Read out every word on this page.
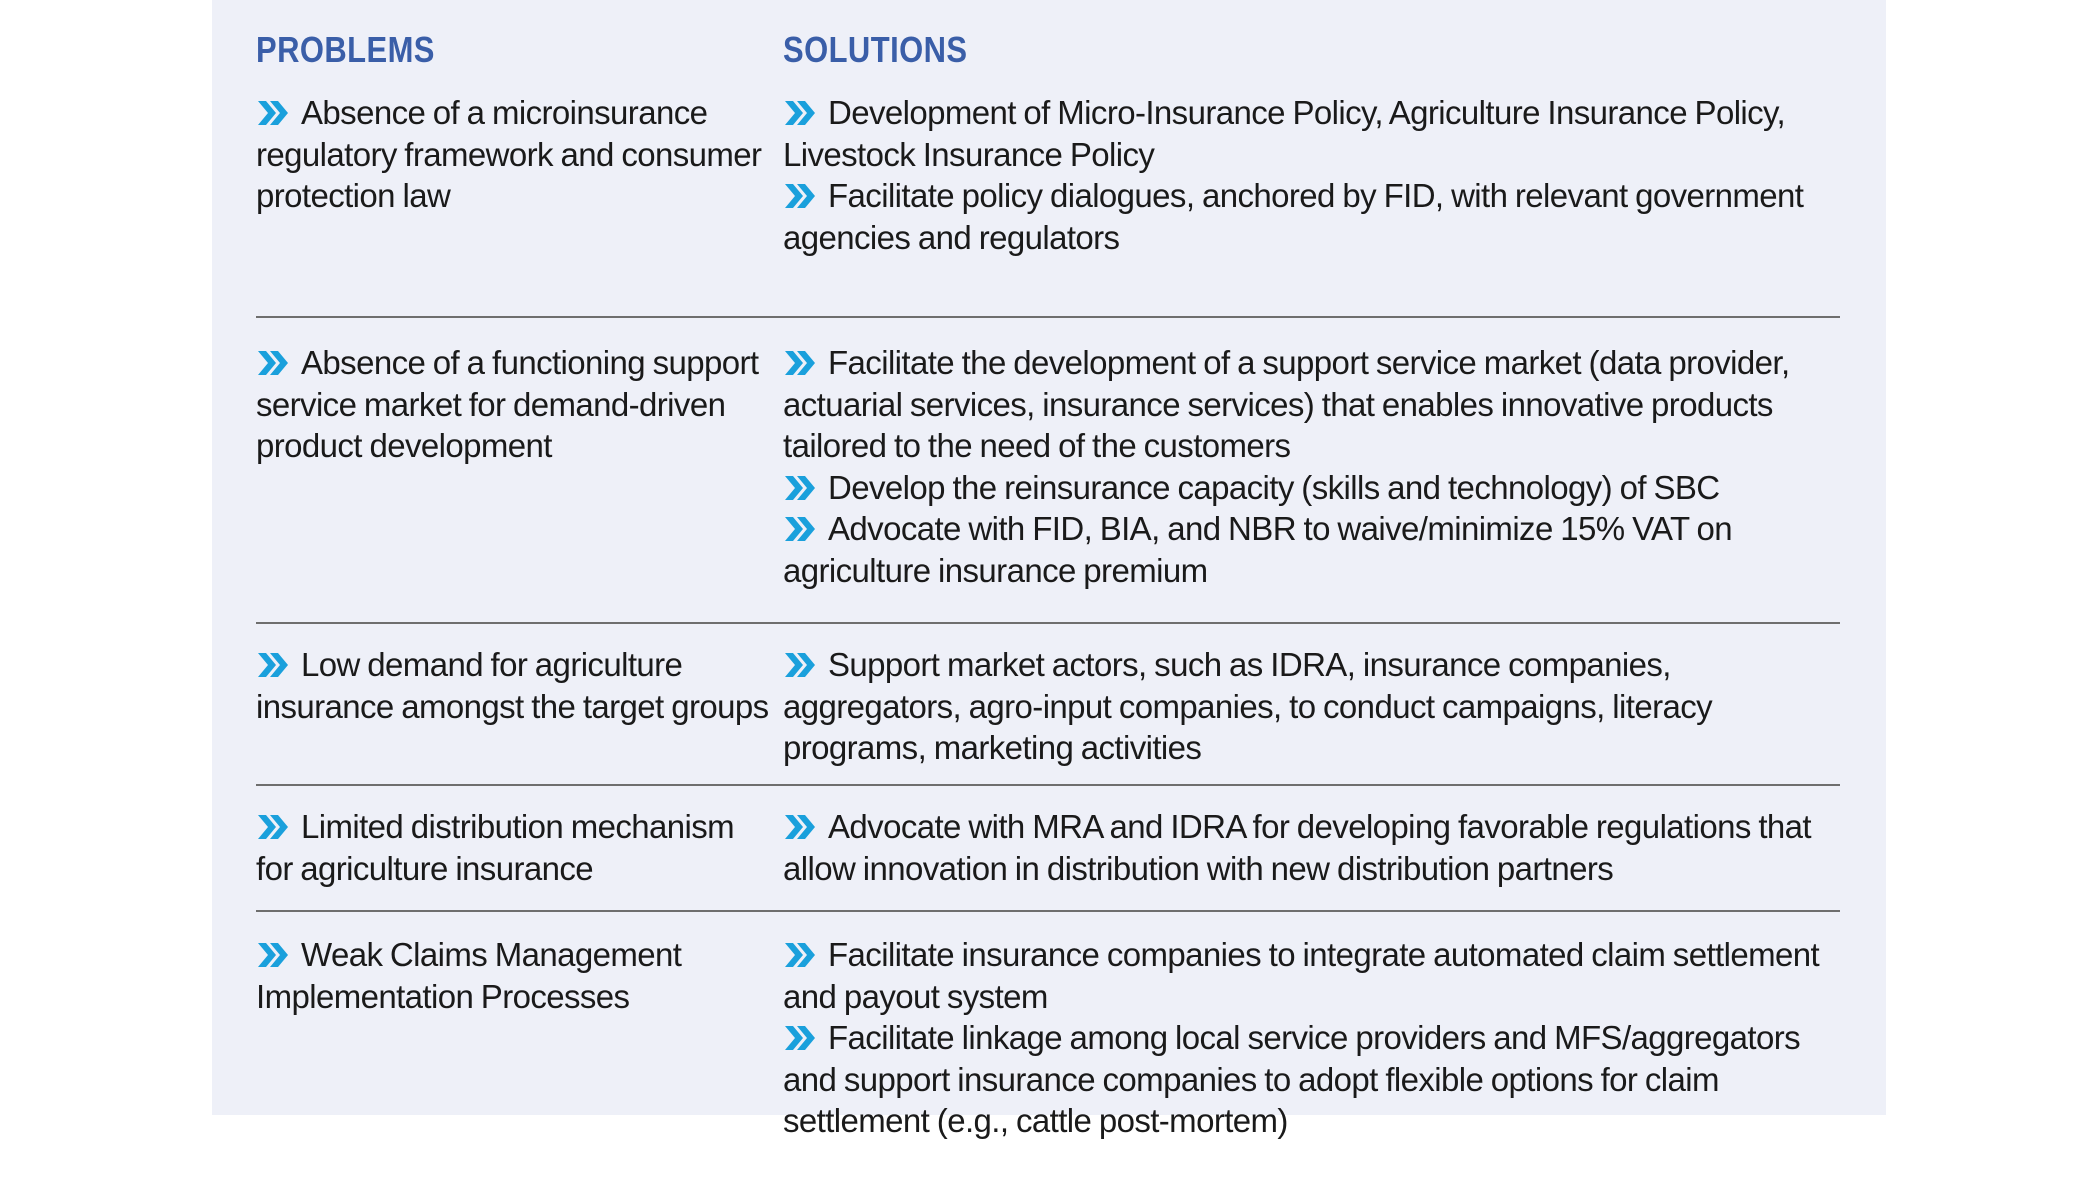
PROBLEMS	SOLUTIONS
Absence of a microinsurance regulatory framework and consumer protection law
Development of Micro-Insurance Policy, Agriculture Insurance Policy, Livestock Insurance Policy
Facilitate policy dialogues, anchored by FID, with relevant government agencies and regulators
Absence of a functioning support service market for demand-driven product development
Facilitate the development of a support service market (data provider, actuarial services, insurance services) that enables innovative products tailored to the need of the customers
Develop the reinsurance capacity (skills and technology) of SBC
Advocate with FID, BIA, and NBR to waive/minimize 15% VAT on agriculture insurance premium
Low demand for agriculture insurance amongst the target groups
Support market actors, such as IDRA, insurance companies, aggregators, agro-input companies, to conduct campaigns, literacy programs, marketing activities
Limited distribution mechanism for agriculture insurance
Advocate with MRA and IDRA for developing favorable regulations that allow innovation in distribution with new distribution partners
Weak Claims Management Implementation Processes
Facilitate insurance companies to integrate automated claim settlement and payout system
Facilitate linkage among local service providers and MFS/aggregators and support insurance companies to adopt flexible options for claim settlement (e.g., cattle post-mortem)
